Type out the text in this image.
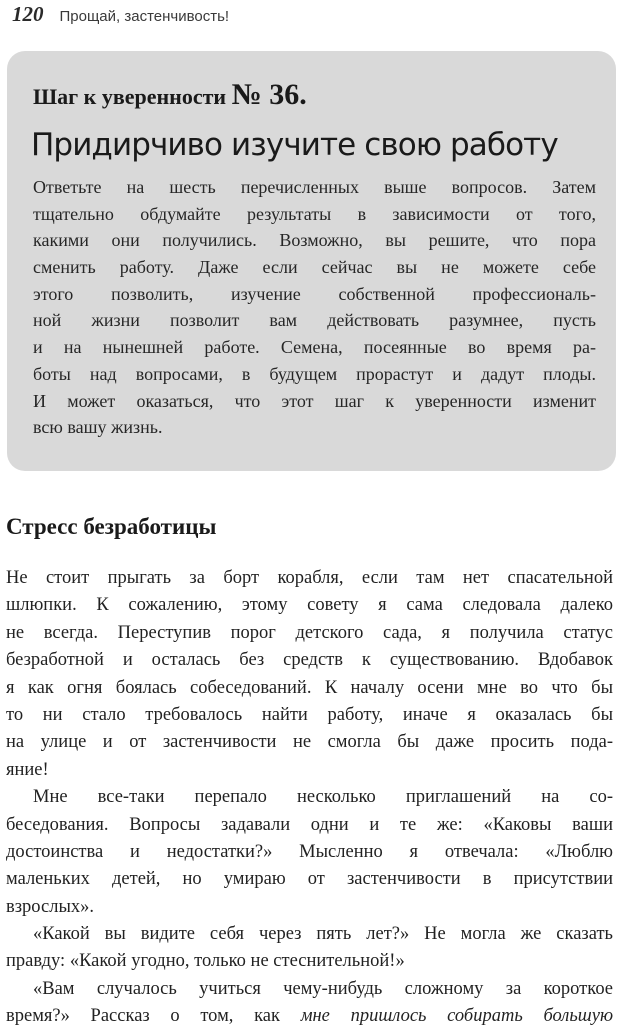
120 Прощай, застенчивость!

Шаг к уверенности № 36.

Придирчиво изучите свою работу
Ответьте на шесть перечисленных выше вопросов. Затем
тщательно обдумайте результаты в зависимости от того,
какими они получились. Возможно, вы решите, что пора
сменить работу. Даже если сейчас вы не можете себе
этого позволить, изучение собственной профессиональ-
ной жизни позволит вам действовать разумнее, пусть
и на нынешней работе. Семена, посеянные во время ра-
боты над вопросами, в будущем прорастут и дадут плоды.
И может оказаться, что этот шаг к уверенности изменит
всю вашу жизнь.
Стресс безработицы
Не стоит прыгать за борт корабля, если там нет спасательной
шлюпки. К сожалению, этому совету я сама следовала далеко
не всегда. Переступив порог детского сада, я получила статус
безработной и осталась без средств к существованию. Вдобавок
я как огня боялась собеседований. К началу осени мне во что бы
то ни стало требовалось найти работу, иначе я оказалась бы
на улице и от застенчивости не смогла бы даже просить пода-
яние!
Мне все-таки перепало несколько приглашений на со-
беседования. Вопросы задавали одни и те же: «Каковы ваши
достоинства и недостатки?» Мысленно я отвечала: «Люблю
маленьких детей, но умираю от застенчивости в присутствии
взрослых».
«Какой вы видите себя через пять лет?» Не могла же сказать
правду: «Какой угодно, только не стеснительной!»
«Вам случалось учиться чему-нибудь сложному за короткое
время?» Рассказ о том, как мне пришлось собирать большую
